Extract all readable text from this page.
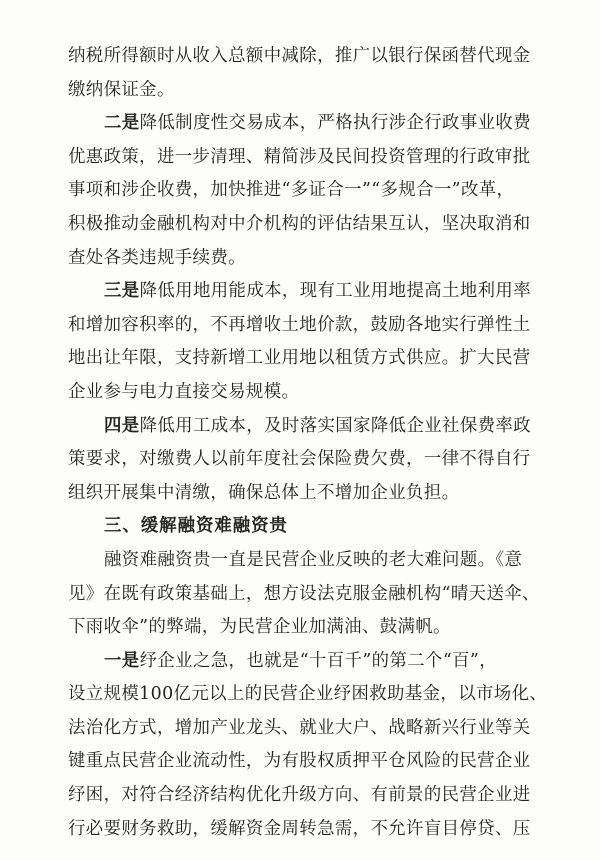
纳税所得额时从收入总额中减除，推广以银行保函替代现金
缴纳保证金。
二是降低制度性交易成本，严格执行涉企行政事业收费
优惠政策，进一步清理、精简涉及民间投资管理的行政审批
事项和涉企收费，加快推进“多证合一”“多规合一”改革，
积极推动金融机构对中介机构的评估结果互认，坚决取消和
查处各类违规手续费。
三是降低用地用能成本，现有工业用地提高土地利用率
和增加容积率的，不再增收土地价款，鼓励各地实行弹性土
地出让年限，支持新增工业用地以租赁方式供应。扩大民营
企业参与电力直接交易规模。
四是降低用工成本，及时落实国家降低企业社保费率政
策要求，对缴费人以前年度社会保险费欠费，一律不得自行
组织开展集中清缴，确保总体上不增加企业负担。
三、缓解融资难融资贵
融资难融资贵一直是民营企业反映的老大难问题。《意
见》在既有政策基础上，想方设法克服金融机构“晴天送伞、
下雨收伞”的弊端，为民营企业加满油、鼓满帆。
一是纾企业之急，也就是“十百千”的第二个“百”，
设立规模100亿元以上的民营企业纾困救助基金，以市场化、
法治化方式，增加产业龙头、就业大户、战略新兴行业等关
键重点民营企业流动性，为有股权质押平仓风险的民营企业
纾困，对符合经济结构优化升级方向、有前景的民营企业进
行必要财务救助，缓解资金周转急需，不允许盲目停贷、压
